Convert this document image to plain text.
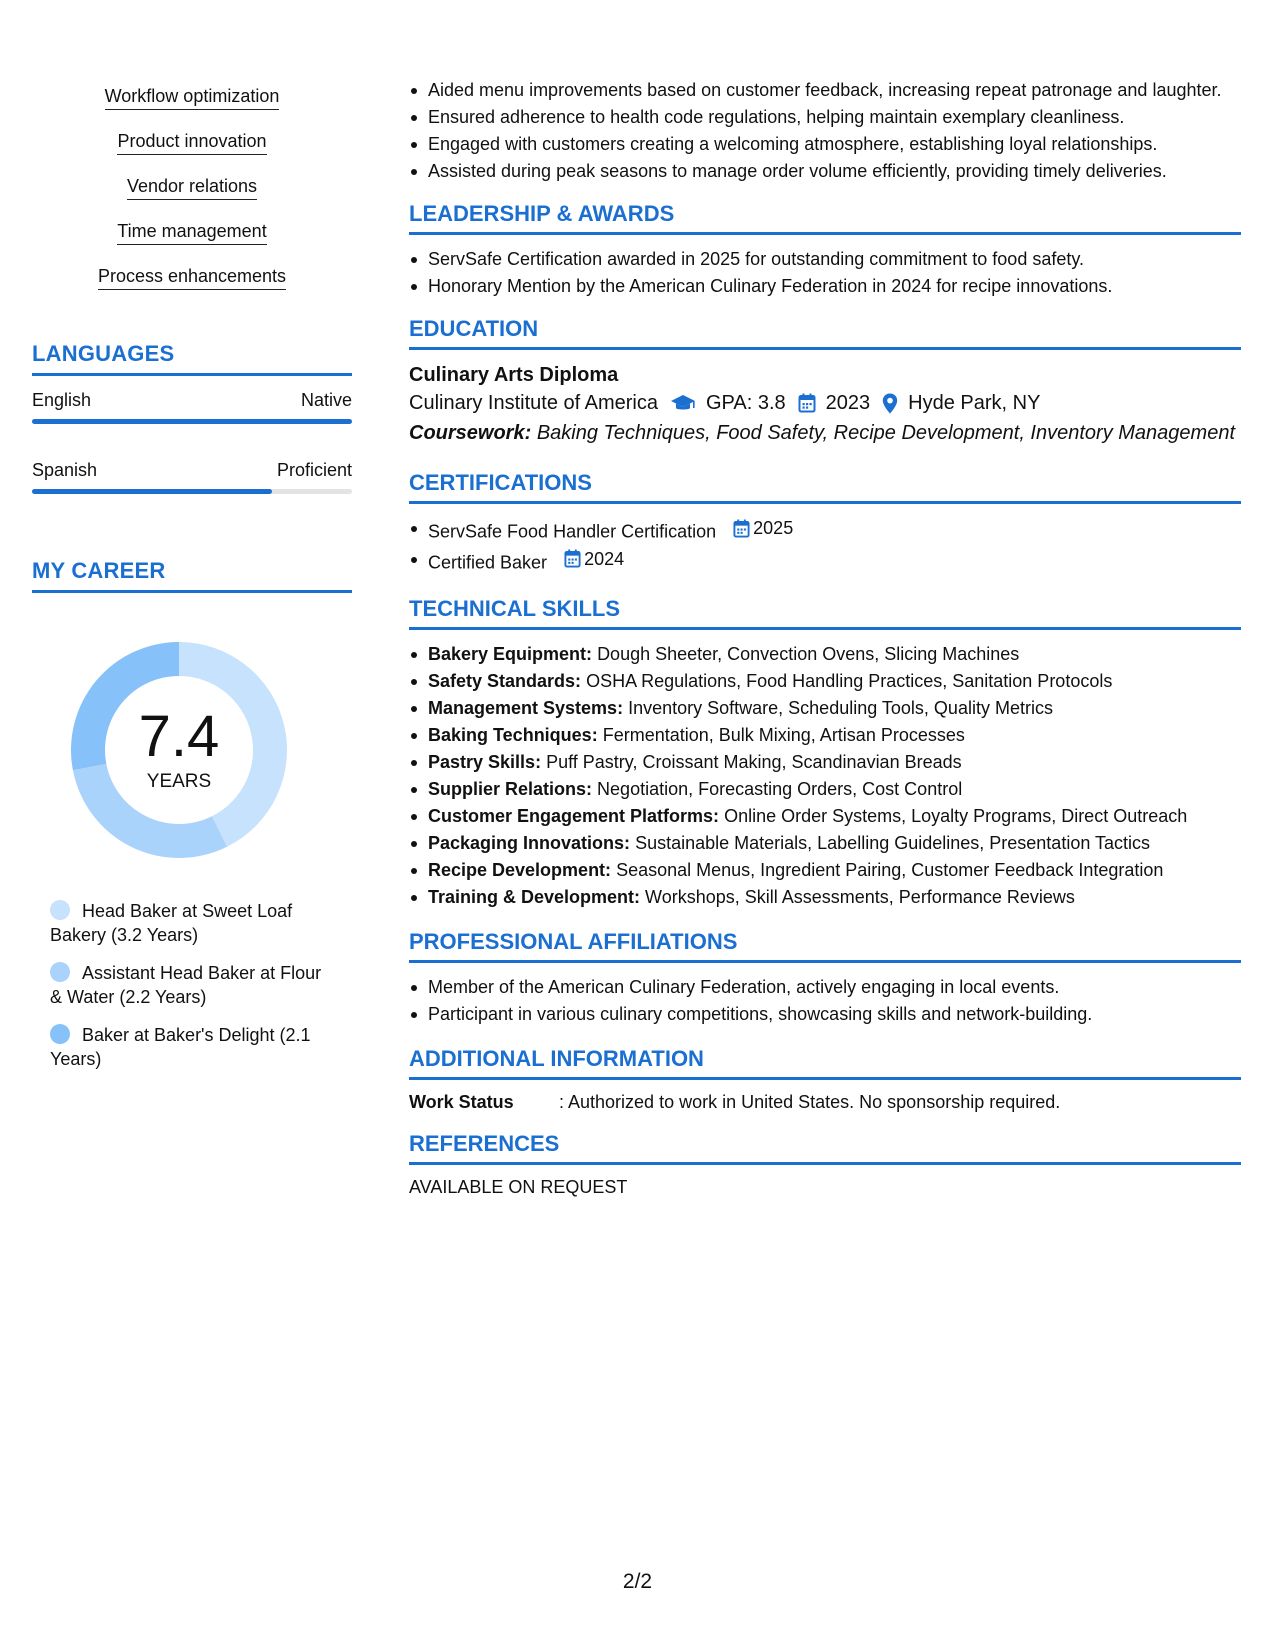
Workflow optimization
Product innovation
Vendor relations
Time management
Process enhancements
LANGUAGES
English	Native
Spanish	Proficient
MY CAREER
7.4
YEARS
Head Baker at Sweet Loaf Bakery (3.2 Years)
Assistant Head Baker at Flour & Water (2.2 Years)
Baker at Baker's Delight (2.1 Years)
Aided menu improvements based on customer feedback, increasing repeat patronage and laughter.
Ensured adherence to health code regulations, helping maintain exemplary cleanliness.
Engaged with customers creating a welcoming atmosphere, establishing loyal relationships.
Assisted during peak seasons to manage order volume efficiently, providing timely deliveries.
LEADERSHIP & AWARDS
ServSafe Certification awarded in 2025 for outstanding commitment to food safety.
Honorary Mention by the American Culinary Federation in 2024 for recipe innovations.
EDUCATION
Culinary Arts Diploma
Culinary Institute of America GPA: 3.8 2023 Hyde Park, NY
Coursework: Baking Techniques, Food Safety, Recipe Development, Inventory Management
CERTIFICATIONS
ServSafe Food Handler Certification 2025
Certified Baker 2024
TECHNICAL SKILLS
Bakery Equipment: Dough Sheeter, Convection Ovens, Slicing Machines
Safety Standards: OSHA Regulations, Food Handling Practices, Sanitation Protocols
Management Systems: Inventory Software, Scheduling Tools, Quality Metrics
Baking Techniques: Fermentation, Bulk Mixing, Artisan Processes
Pastry Skills: Puff Pastry, Croissant Making, Scandinavian Breads
Supplier Relations: Negotiation, Forecasting Orders, Cost Control
Customer Engagement Platforms: Online Order Systems, Loyalty Programs, Direct Outreach
Packaging Innovations: Sustainable Materials, Labelling Guidelines, Presentation Tactics
Recipe Development: Seasonal Menus, Ingredient Pairing, Customer Feedback Integration
Training & Development: Workshops, Skill Assessments, Performance Reviews
PROFESSIONAL AFFILIATIONS
Member of the American Culinary Federation, actively engaging in local events.
Participant in various culinary competitions, showcasing skills and network-building.
ADDITIONAL INFORMATION
Work Status	: Authorized to work in United States. No sponsorship required.
REFERENCES
AVAILABLE ON REQUEST
2/2
